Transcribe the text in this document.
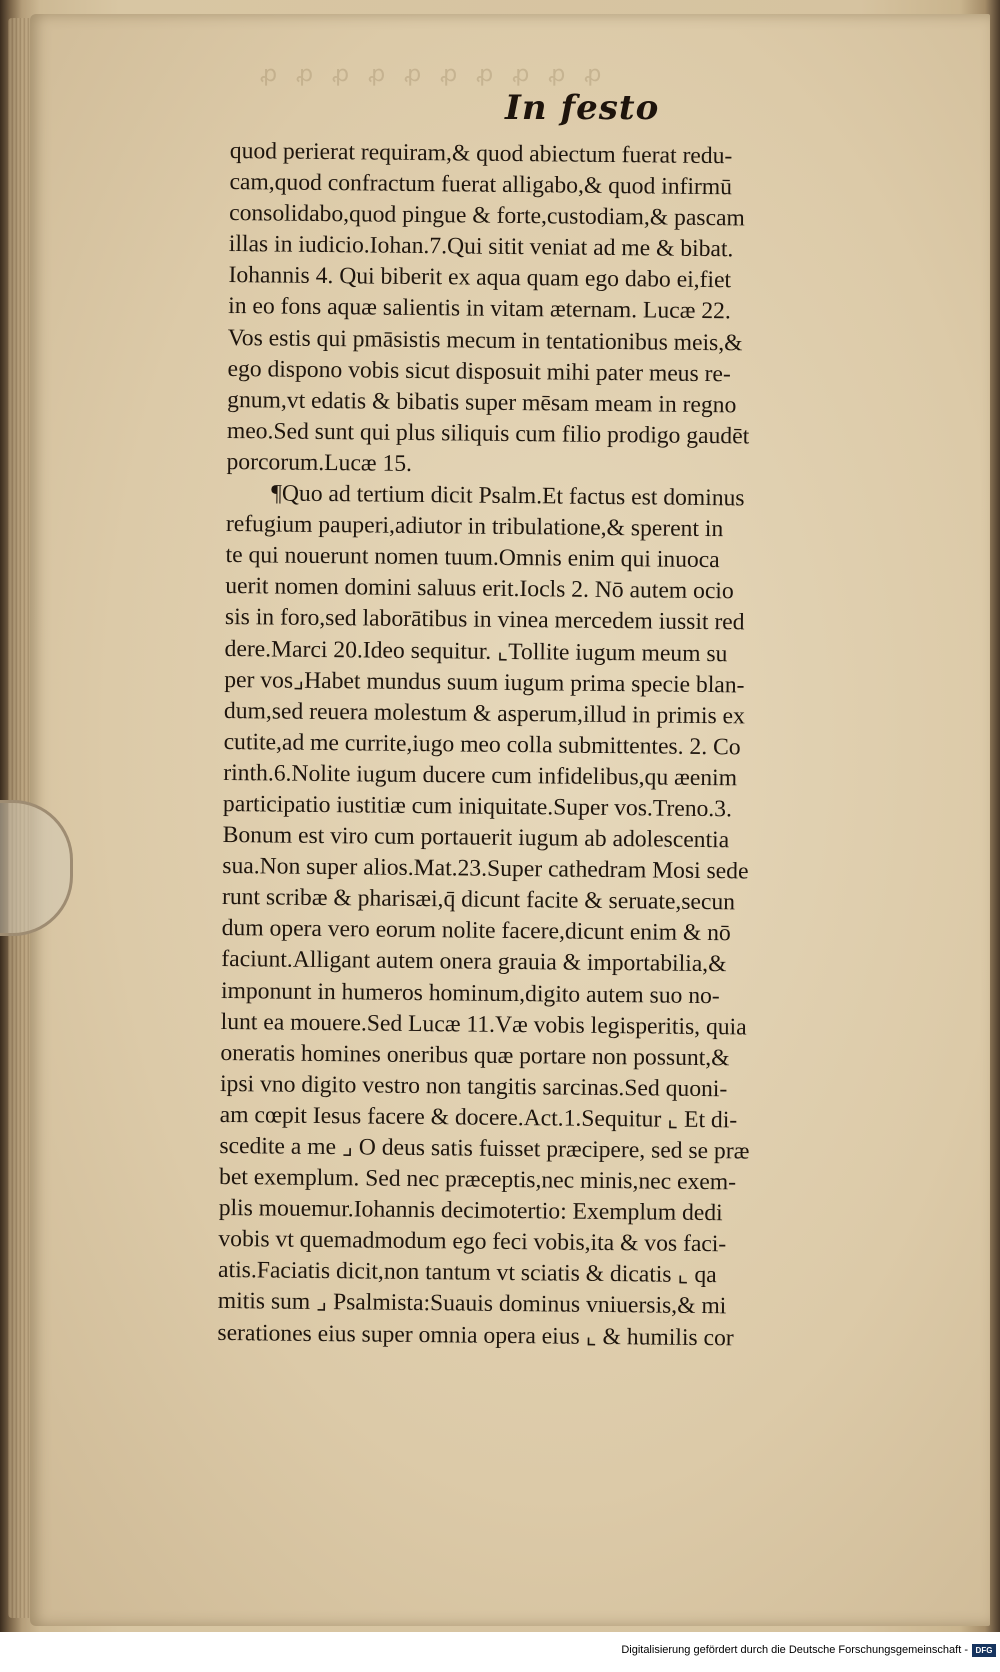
ꝓ ꝓ ꝓ ꝓ ꝓ ꝓ ꝓ ꝓ ꝓ ꝓ
In festo
quod perierat requiram,& quod abiectum fuerat redu-
cam,quod confractum fuerat alligabo,& quod infirmū
consolidabo,quod pingue & forte,custodiam,& pascam
illas in iudicio.Iohan.7.Qui sitit veniat ad me & bibat.
Iohannis 4. Qui biberit ex aqua quam ego dabo ei,fiet
in eo fons aquæ salientis in vitam æternam. Lucæ 22.
Vos estis qui pmāsistis mecum in tentationibus meis,&
ego dispono vobis sicut disposuit mihi pater meus re-
gnum,vt edatis & bibatis super mēsam meam in regno
meo.Sed sunt qui plus siliquis cum filio prodigo gaudēt
porcorum.Lucæ 15.
¶Quo ad tertium dicit Psalm.Et factus est dominus
refugium pauperi,adiutor in tribulatione,& sperent in
te qui nouerunt nomen tuum.Omnis enim qui inuoca
uerit nomen domini saluus erit.Iocls 2. Nō autem ocio
sis in foro,sed laborātibus in vinea mercedem iussit red
dere.Marci 20.Ideo sequitur. ⌞Tollite iugum meum su
per vos⌟Habet mundus suum iugum prima specie blan-
dum,sed reuera molestum & asperum,illud in primis ex
cutite,ad me currite,iugo meo colla submittentes. 2. Co
rinth.6.Nolite iugum ducere cum infidelibus,qu æenim
participatio iustitiæ cum iniquitate.Super vos.Treno.3.
Bonum est viro cum portauerit iugum ab adolescentia
sua.Non super alios.Mat.23.Super cathedram Mosi sede
runt scribæ & pharisæi,q̄ dicunt facite & seruate,secun
dum opera vero eorum nolite facere,dicunt enim & nō
faciunt.Alligant autem onera grauia & importabilia,&
imponunt in humeros hominum,digito autem suo no-
lunt ea mouere.Sed Lucæ 11.Væ vobis legisperitis, quia
oneratis homines oneribus quæ portare non possunt,&
ipsi vno digito vestro non tangitis sarcinas.Sed quoni-
am cœpit Iesus facere & docere.Act.1.Sequitur ⌞ Et di-
scedite a me ⌟ O deus satis fuisset præcipere, sed se præ
bet exemplum. Sed nec præceptis,nec minis,nec exem-
plis mouemur.Iohannis decimotertio: Exemplum dedi
vobis vt quemadmodum ego feci vobis,ita & vos faci-
atis.Faciatis dicit,non tantum vt sciatis & dicatis ⌞ qa
mitis sum ⌟ Psalmista:Suauis dominus vniuersis,& mi
serationes eius super omnia opera eius ⌞ & humilis cor
Digitalisierung gefördert durch die Deutsche Forschungsgemeinschaft - DFG
